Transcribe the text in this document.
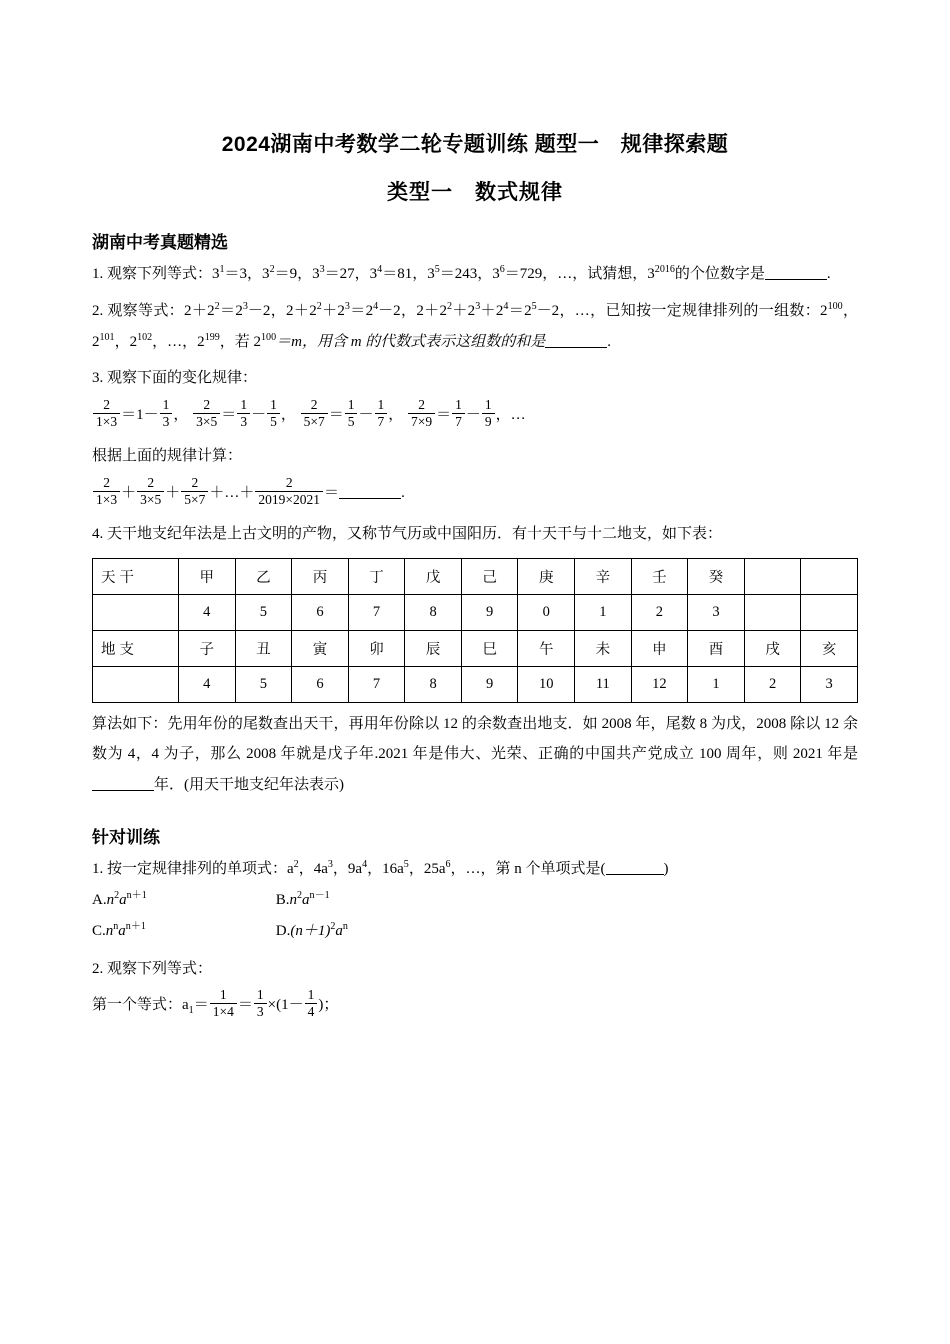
2024湖南中考数学二轮专题训练 题型一　规律探索题
类型一　数式规律
湖南中考真题精选
1. 观察下列等式：$3^1=3$，$3^2=9$，$3^3=27$，$3^4=81$，$3^5=243$，$3^6=729$，…，试猜想，$3^{2016}$的个位数字是	.
2. 观察等式：$2+2^2=2^3-2$，$2+2^2+2^3=2^4-2$，$2+2^2+2^3+2^4=2^5-2$，…，已知按一定规律排列的一组数：$2^{100}$，$2^{101}$，$2^{102}$，…，$2^{199}$，若 $2^{100}=m$，用含 m 的代数式表示这组数的和是	.
3. 观察下面的变化规律：
$\frac{2}{1\times 3} =1- \frac{1}{3}$ ， $\frac{2}{3\times 5} = \frac{1}{3} - \frac{1}{5}$ ， $\frac{2}{5\times 7} = \frac{1}{5} - \frac{1}{7}$ ， $\frac{2}{7\times 9} = \frac{1}{7} - \frac{1}{9}$ ，…
根据上面的规律计算：
$\frac{2}{1\times 3} + \frac{2}{3\times 5} + \frac{2}{5\times 7}$ ＋…＋ $\frac{2}{2019\times 2021}$ ＝	.
4. 天干地支纪年法是上古文明的产物，又称节气历或中国阳历．有十天干与十二地支，如下表：
天干	甲	乙	丙	丁	戊	己	庚	辛	壬	癸		
	4	5	6	7	8	9	0	1	2	3		
地支	子	丑	寅	卯	辰	巳	午	未	申	酉	戌	亥
	4	5	6	7	8	9	10	11	12	1	2	3
算法如下：先用年份的尾数查出天干，再用年份除以 12 的余数查出地支．如 2008 年，尾数 8 为戊，2008 除以 12 余数为 4，4 为子，那么 2008 年就是戊子年.2021 年是伟大、光荣、正确的中国共产党成立 100 周年，则 2021 年是年．(用天干地支纪年法表示)
针对训练
1. 按一定规律排列的单项式：$a^2$，$4a^3$，$9a^4$，$16a^5$，$25a^6$，…，第 n 个单项式是(	)
$A.n^2a^{n+1}$	$B.n^2a^{n-1}$
$C.n^na^{n+1}$	$D.(n+1)^2a^n$
2. 观察下列等式：
第一个等式：$a_1= \frac{1}{1\times 4} = \frac{1}{3} \times(1- \frac{1}{4}$ )；
